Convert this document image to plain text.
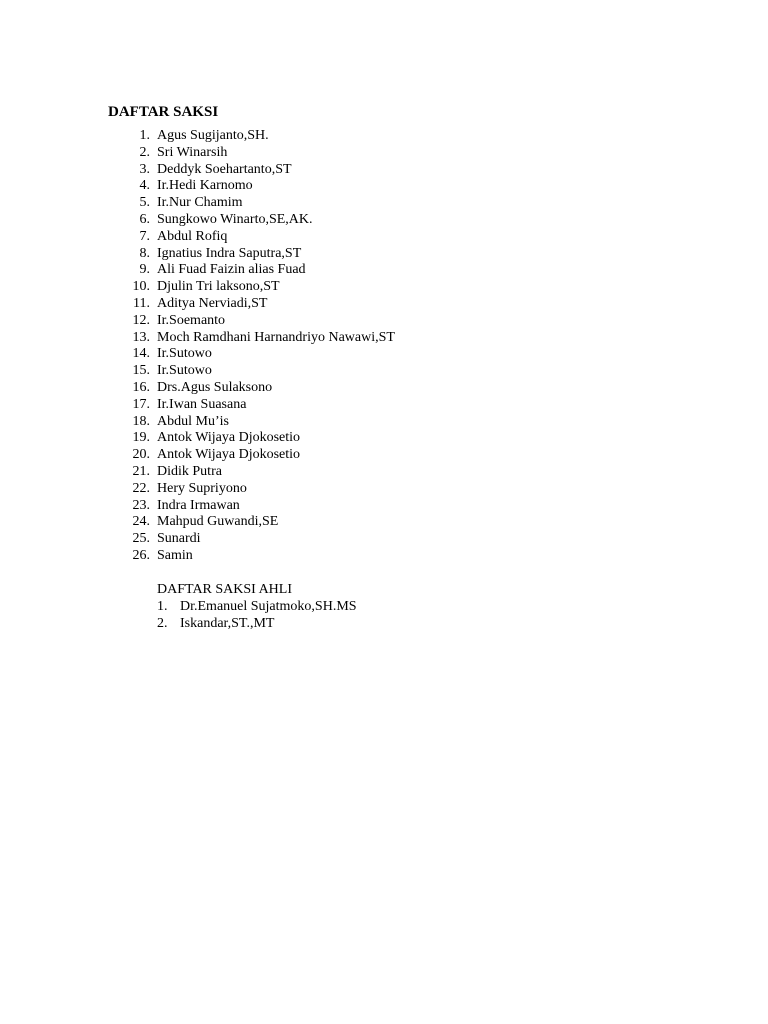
DAFTAR SAKSI
1. Agus Sugijanto,SH.
2. Sri Winarsih
3. Deddyk Soehartanto,ST
4. Ir.Hedi Karnomo
5. Ir.Nur Chamim
6. Sungkowo Winarto,SE,AK.
7. Abdul Rofiq
8. Ignatius Indra Saputra,ST
9. Ali Fuad Faizin alias Fuad
10. Djulin Tri laksono,ST
11. Aditya Nerviadi,ST
12. Ir.Soemanto
13. Moch Ramdhani Harnandriyo Nawawi,ST
14. Ir.Sutowo
15. Ir.Sutowo
16. Drs.Agus Sulaksono
17. Ir.Iwan Suasana
18. Abdul Mu’is
19. Antok Wijaya Djokosetio
20. Antok Wijaya Djokosetio
21. Didik Putra
22. Hery Supriyono
23. Indra Irmawan
24. Mahpud Guwandi,SE
25. Sunardi
26. Samin
DAFTAR SAKSI AHLI
1. Dr.Emanuel Sujatmoko,SH.MS
2. Iskandar,ST.,MT
